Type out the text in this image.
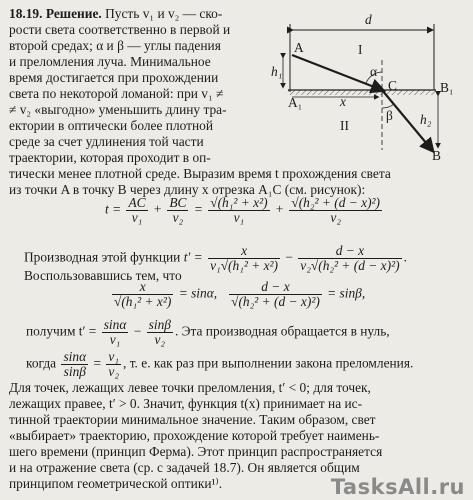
18.19. Решение. Пусть v₁ и v₂ — ско-
рости света соответственно в первой и
второй средах; α и β — углы падения
и преломления луча. Минимальное
время достигается при прохождении
света по некоторой ломаной: при v₁ ≠
≠ v₂ «выгодно» уменьшить длину тра-
ектории в оптически более плотной
среде за счет удлинения той части
траектории, которая проходит в оп-
тически менее плотной среде. Выразим время t прохождения света
из точки A в точку B через длину x отрезка A₁C (см. рисунок):
d
A
A₁
h₁
x
C	B₁
B
h₂
α
β
I
II
$t = \frac{AC}{\text{v₁}} + \frac{BC}{\text{v₂}} = \frac{\text{√(h₁² + x²)}}{\text{v₁}} + \frac{\text{√(h₂² + (d − x)²)}}{\text{v₂}}$
Производная этой функции $t' = \frac{x}{\text{v₁√(h₁² + x²)}} - \frac{d - x}{\text{v₂√(h₂² + (d − x)²)}}$ .
Воспользовавшись тем, что
$\frac{x}{\text{√(h₁² + x²)}} = \sin\alpha$, $\frac{d - x}{\text{√(h₂² + (d − x)²)}} = \sin\beta$,
получим $t' = \frac{\sin\alpha}{\text{v₁}} - \frac{\sin\beta}{\text{v₂}}$ . Эта производная обращается в нуль,
когда $\frac{\sin\alpha}{\sin\beta} = \frac{\text{v₁}}{\text{v₂}}$ , т. е. как раз при выполнении закона преломления.
Для точек, лежащих левее точки преломления, t′ < 0; для точек,
лежащих правее, t′ > 0. Значит, функция t(x) принимает на ис-
тинной траектории минимальное значение. Таким образом, свет
«выбирает» траекторию, прохождение которой требует наимень-
шего времени (принцип Ферма). Этот принцип распространяется
и на отражение света (ср. с задачей 18.7). Он является общим
принципом геометрической оптики¹⁾.	TasksAll.ru
